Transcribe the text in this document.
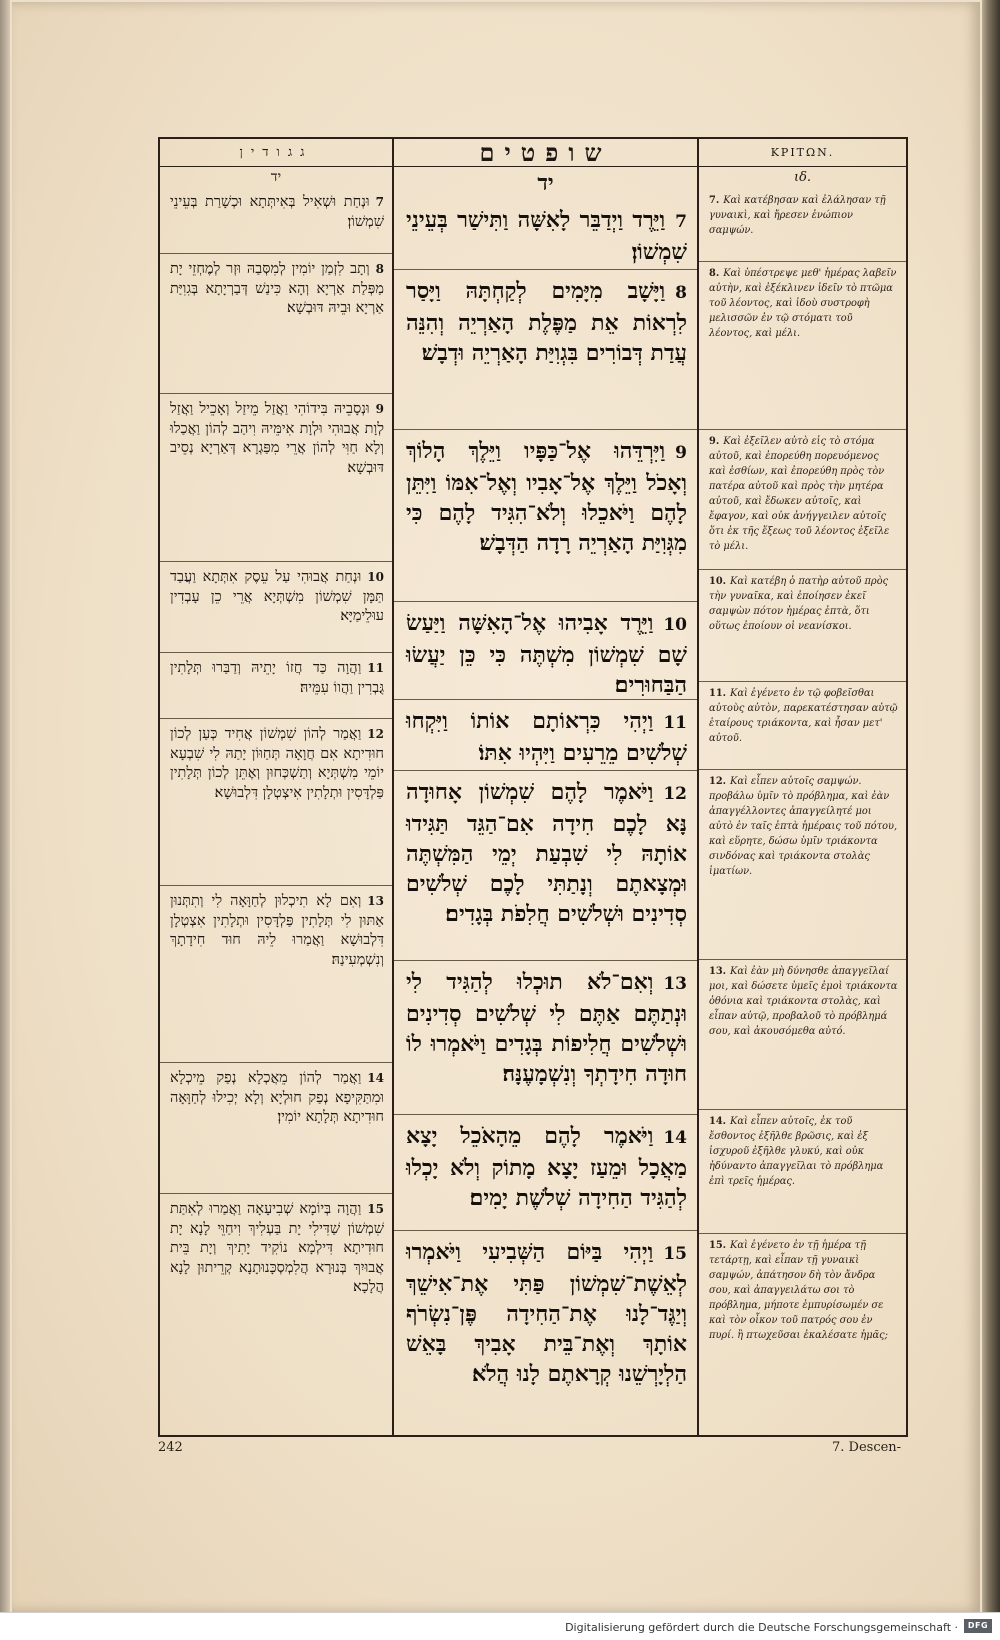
גגודין
יד
7וּנְחַת וּשְׁאִיל בְּאִיתְּתָא וּכְשָׁרַת בְּעֵינֵי שִׁמְשׁוֹן׃
8וְתָב לִזְמַן יוֹמִין לְמִסְּבַהּ וּזְר לְמֶחְזֵי יָת מַפְּלַת אַרְיָא וְהָא כִּינַשׁ דְּבַרְיָתָא בְּגִוִיַּת אַרְיָא וּבֵיהּ דּוּבְשָׁא׃
9וּנְסָבֵיהּ בִּידוֹהִי וַאֲזַל מֵיזַל וְאָכֵיל וַאֲזַל לְוָת אֲבוּהִי וּלְוָת אִימֵּיהּ וִיהַב לְהוֹן וַאֲכַלוּ וְלָא חַוִּי לְהוֹן אֲרֵי מִפַּגְרָא דְּאַרְיָא נְסֵיב דּוּבְשָׁא׃
10וּנְחַת אֲבוּהִי עַל עֵסֶק אִתְּתָא וַעֲבַד תַּמָּן שִׁמְשׁוֹן מִשְׁתְּיָא אֲרֵי כֵן עָבְדִין עוּלֵימַיָּא׃
11וַהֲוָה כַּד חֲזוֹ יָתֵיהּ וְדַבַּרוּ תְּלָתִין גֻּבְרִין וַהֲווֹ עִמֵּיהּ׃
12וַאֲמַר לְהוֹן שִׁמְשׁוֹן אֲחִיד כְּעַן לְכוֹן חוּדִיתָא אִם חֲוָאָה תְּחַוּוֹן יָתַהּ לִי שִׁבְעָא יוֹמֵי מִשְׁתְּיָא וְתַשְׁכְּחוּן וְאֶתֵּן לְכוֹן תְּלָתִין פַּלְדָּסִין וּתְלָתִין אִיצְטְלָן דִּלְבוּשָׁא׃
13וְאִם לָא תִיכְלוּן לְחַוָּאָה לִי וְתִתְּנוּן אַתּוּן לִי תְּלָתִין פַּלְדָּסִין וּתְלָתִין אִצְטְלָן דִּלְבוּשָׁא וַאֲמַרוּ לֵיהּ חוּד חִידָתָךְ וְנִשְׁמְעִינַהּ׃
14וַאֲמַר לְהוֹן מֵאֲכְלָא נְפַק מֵיכְלָא וּמִתַּקִּיפָא נְפַק חוּלְיָא וְלָא יְכִילוּ לְחַוָּאָה חוּדִיתָא תְּלָתָא יוֹמִין׃
15וַהֲוָה בְּיוֹמָא שְׁבִיעָאָה וַאֲמַרוּ לְאִתַּת שִׁמְשׁוֹן שַׁדִּילִי יָת בַּעְלִיךְ וִיחַוֵּי לָנָא יָת חוּדִיתָא דִּילְמָא נוֹקִיד יָתִיךְ וְיָת בֵּית אֲבוּיִךְ בְּנוּרָא הֲלִמְסְכָּנוּתָנָא קְרֵיתוּן לָנָא הֲלָכָא׃
שופטים
יד
7וַיֵּרֶד וַיְדַבֵּר לָאִשָּׁה וַתִּישַׁר בְּעֵינֵי שִׁמְשׁוֹן׃
8וַיָּשָׁב מִיָּמִים לְקַחְתָּהּ וַיָּסַר לִרְאוֹת אֵת מַפֶּלֶת הָאַרְיֵה וְהִנֵּה עֲדַת דְּבוֹרִים בִּגְוִיַּת הָאַרְיֵה וּדְבָשׁ׃
9וַיִּרְדֵּהוּ אֶל־כַּפָּיו וַיֵּלֶךְ הָלוֹךְ וְאָכֹל וַיֵּלֶךְ אֶל־אָבִיו וְאֶל־אִמּוֹ וַיִּתֵּן לָהֶם וַיֹּאכֵלוּ וְלֹא־הִגִּיד לָהֶם כִּי מִגְּוִיַּת הָאַרְיֵה רָדָה הַדְּבָשׁ׃
10וַיֵּרֶד אָבִיהוּ אֶל־הָאִשָּׁה וַיַּעַשׂ שָׁם שִׁמְשׁוֹן מִשְׁתֶּה כִּי כֵּן יַעֲשׂוּ הַבַּחוּרִים׃
11וַיְהִי כִּרְאוֹתָם אוֹתוֹ וַיִּקְחוּ שְׁלֹשִׁים מֵרֵעִים וַיִּהְיוּ אִתּוֹ׃
12וַיֹּאמֶר לָהֶם שִׁמְשׁוֹן אָחוּדָה נָּא לָכֶם חִידָה אִם־הַגֵּד תַּגִּידוּ אוֹתָהּ לִי שִׁבְעַת יְמֵי הַמִּשְׁתֶּה וּמְצָאתֶם וְנָתַתִּי לָכֶם שְׁלֹשִׁים סְדִינִים וּשְׁלֹשִׁים חֲלִפֹת בְּגָדִים׃
13וְאִם־לֹא תוּכְלוּ לְהַגִּיד לִי וּנְתַתֶּם אַתֶּם לִי שְׁלֹשִׁים סְדִינִים וּשְׁלֹשִׁים חֲלִיפוֹת בְּגָדִים וַיֹּאמְרוּ לוֹ חוּדָה חִידָתְךָ וְנִשְׁמָעֶנָּה׃
14וַיֹּאמֶר לָהֶם מֵהָאֹכֵל יָצָא מַאֲכָל וּמֵעַז יָצָא מָתוֹק וְלֹא יָכְלוּ לְהַגִּיד הַחִידָה שְׁלֹשֶׁת יָמִים׃
15וַיְהִי בַּיּוֹם הַשְּׁבִיעִי וַיֹּאמְרוּ לְאֵשֶׁת־שִׁמְשׁוֹן פַּתִּי אֶת־אִישֵׁךְ וְיַגֶּד־לָנוּ אֶת־הַחִידָה פֶּן־נִשְׂרֹף אוֹתָךְ וְאֶת־בֵּית אָבִיךְ בָּאֵשׁ הַלְיָרְשֵׁנוּ קְרָאתֶם לָנוּ הֲלֹא׃
ΚΡΙΤΩΝ.
ιδ.
7. Καὶ κατέβησαν καὶ ἐλάλησαν τῇ γυναικὶ, καὶ ἤρεσεν ἐνώπιον σαμψών.
8. Καὶ ὑπέστρεψε μεθ' ἡμέρας λαβεῖν αὐτὴν, καὶ ἐξέκλινεν ἰδεῖν τὸ πτῶμα τοῦ λέοντος, καὶ ἰδοὺ συστροφὴ μελισσῶν ἐν τῷ στόματι τοῦ λέοντος, καὶ μέλι.
9. Καὶ ἐξεῖλεν αὐτὸ εἰς τὸ στόμα αὐτοῦ, καὶ ἐπορεύθη πορευόμενος καὶ ἐσθίων, καὶ ἐπορεύθη πρὸς τὸν πατέρα αὐτοῦ καὶ πρὸς τὴν μητέρα αὐτοῦ, καὶ ἔδωκεν αὐτοῖς, καὶ ἔφαγον, καὶ οὐκ ἀνήγγειλεν αὐτοῖς ὅτι ἐκ τῆς ἕξεως τοῦ λέοντος ἐξεῖλε τὸ μέλι.
10. Καὶ κατέβη ὁ πατὴρ αὐτοῦ πρὸς τὴν γυναῖκα, καὶ ἐποίησεν ἐκεῖ σαμψὼν πότον ἡμέρας ἑπτὰ, ὅτι οὕτως ἐποίουν οἱ νεανίσκοι.
11. Καὶ ἐγένετο ἐν τῷ φοβεῖσθαι αὐτοὺς αὐτὸν, παρεκατέστησαν αὐτῷ ἑταίρους τριάκοντα, καὶ ἦσαν μετ' αὐτοῦ.
12. Καὶ εἶπεν αὐτοῖς σαμψών. προβάλω ὑμῖν τὸ πρόβλημα, καὶ ἐὰν ἀπαγγέλλοντες ἀπαγγείλητέ μοι αὐτὸ ἐν ταῖς ἑπτὰ ἡμέραις τοῦ πότου, καὶ εὕρητε, δώσω ὑμῖν τριάκοντα σινδόνας καὶ τριάκοντα στολὰς ἱματίων.
13. Καὶ ἐὰν μὴ δύνησθε ἀπαγγεῖλαί μοι, καὶ δώσετε ὑμεῖς ἐμοὶ τριάκοντα ὀθόνια καὶ τριάκοντα στολὰς, καὶ εἶπαν αὐτῷ, προβαλοῦ τὸ πρόβλημά σου, καὶ ἀκουσόμεθα αὐτό.
14. Καὶ εἶπεν αὐτοῖς, ἐκ τοῦ ἔσθοντος ἐξῆλθε βρῶσις, καὶ ἐξ ἰσχυροῦ ἐξῆλθε γλυκύ, καὶ οὐκ ἠδύναντο ἀπαγγεῖλαι τὸ πρόβλημα ἐπὶ τρεῖς ἡμέρας.
15. Καὶ ἐγένετο ἐν τῇ ἡμέρα τῇ τετάρτῃ, καὶ εἶπαν τῇ γυναικὶ σαμψών, ἀπάτησον δὴ τὸν ἄνδρα σου, καὶ ἀπαγγειλάτω σοι τὸ πρόβλημα, μήποτε ἐμπυρίσωμέν σε καὶ τὸν οἶκον τοῦ πατρός σου ἐν πυρί. ἢ πτωχεῦσαι ἐκαλέσατε ἡμᾶς;
242	7. Descen-
Digitalisierung gefördert durch die Deutsche Forschungsgemeinschaft ·	DFG
